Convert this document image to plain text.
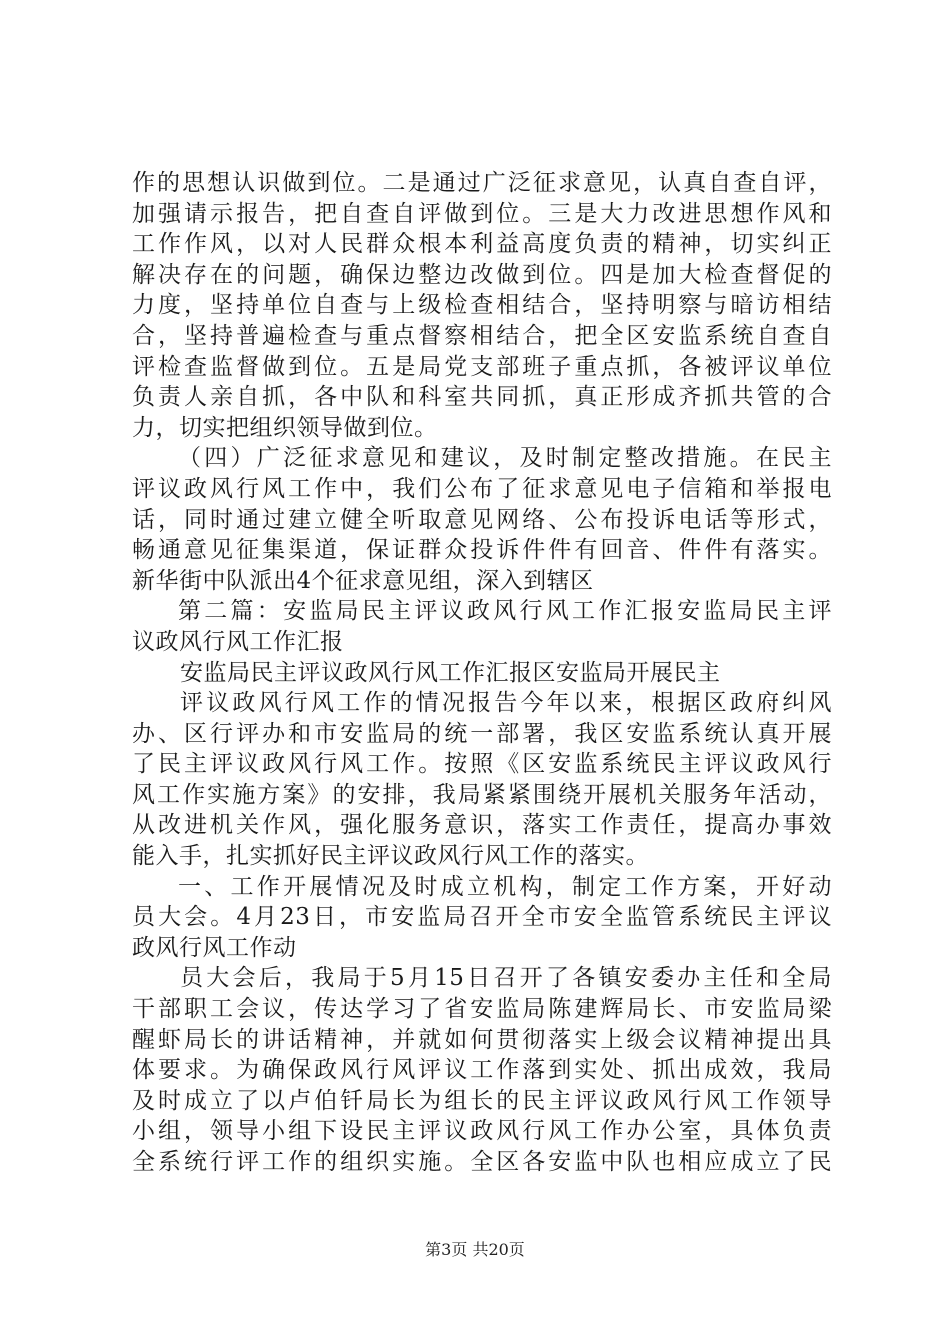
作的思想认识做到位。二是通过广泛征求意见，认真自查自评，
加强请示报告，把自查自评做到位。三是大力改进思想作风和
工作作风，以对人民群众根本利益高度负责的精神，切实纠正
解决存在的问题，确保边整边改做到位。四是加大检查督促的
力度，坚持单位自查与上级检查相结合，坚持明察与暗访相结
合，坚持普遍检查与重点督察相结合，把全区安监系统自查自
评检查监督做到位。五是局党支部班子重点抓，各被评议单位
负责人亲自抓，各中队和科室共同抓，真正形成齐抓共管的合
力，切实把组织领导做到位。
（四）广泛征求意见和建议，及时制定整改措施。在民主
评议政风行风工作中，我们公布了征求意见电子信箱和举报电
话，同时通过建立健全听取意见网络、公布投诉电话等形式，
畅通意见征集渠道，保证群众投诉件件有回音、件件有落实。
新华街中队派出4个征求意见组，深入到辖区
第二篇：安监局民主评议政风行风工作汇报安监局民主评
议政风行风工作汇报
安监局民主评议政风行风工作汇报区安监局开展民主
评议政风行风工作的情况报告今年以来，根据区政府纠风
办、区行评办和市安监局的统一部署，我区安监系统认真开展
了民主评议政风行风工作。按照《区安监系统民主评议政风行
风工作实施方案》的安排，我局紧紧围绕开展机关服务年活动，
从改进机关作风，强化服务意识，落实工作责任，提高办事效
能入手，扎实抓好民主评议政风行风工作的落实。
一、工作开展情况及时成立机构，制定工作方案，开好动
员大会。4月23日，市安监局召开全市安全监管系统民主评议
政风行风工作动
员大会后，我局于5月15日召开了各镇安委办主任和全局
干部职工会议，传达学习了省安监局陈建辉局长、市安监局梁
醒虾局长的讲话精神，并就如何贯彻落实上级会议精神提出具
体要求。为确保政风行风评议工作落到实处、抓出成效，我局
及时成立了以卢伯钎局长为组长的民主评议政风行风工作领导
小组，领导小组下设民主评议政风行风工作办公室，具体负责
全系统行评工作的组织实施。全区各安监中队也相应成立了民
第3页 共20页
